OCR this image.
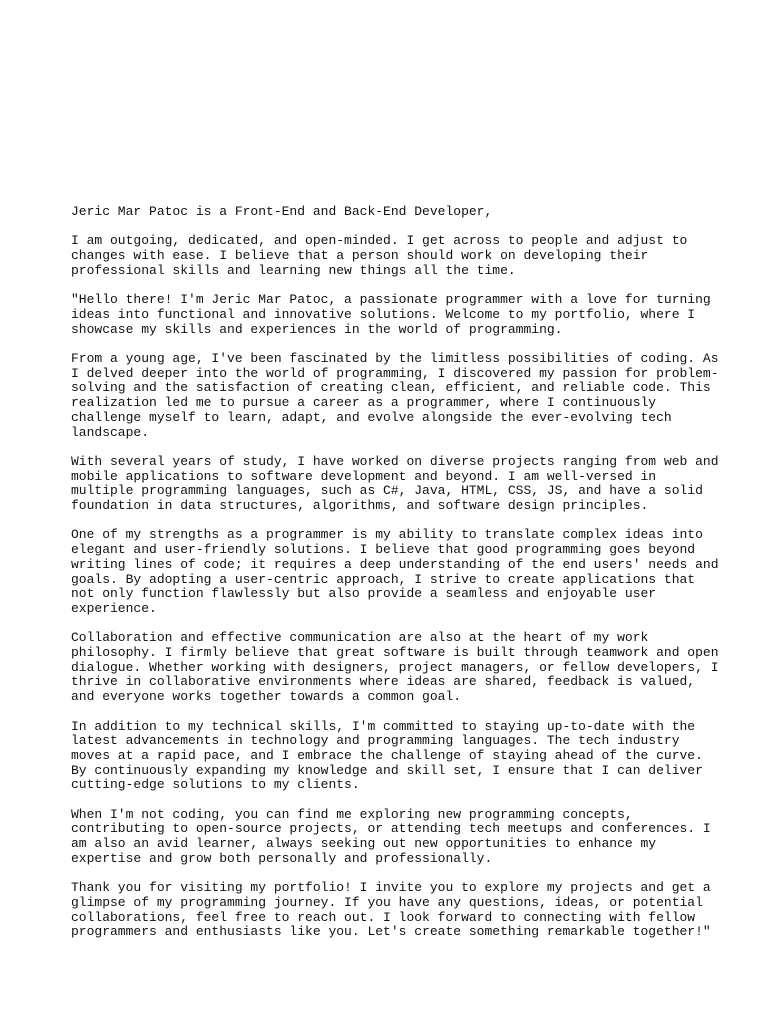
Jeric Mar Patoc is a Front-End and Back-End Developer,
I am outgoing, dedicated, and open-minded. I get across to people and adjust to
changes with ease. I believe that a person should work on developing their
professional skills and learning new things all the time.
"Hello there! I'm Jeric Mar Patoc, a passionate programmer with a love for turning
ideas into functional and innovative solutions. Welcome to my portfolio, where I
showcase my skills and experiences in the world of programming.
From a young age, I've been fascinated by the limitless possibilities of coding. As
I delved deeper into the world of programming, I discovered my passion for problem-
solving and the satisfaction of creating clean, efficient, and reliable code. This
realization led me to pursue a career as a programmer, where I continuously
challenge myself to learn, adapt, and evolve alongside the ever-evolving tech
landscape.
With several years of study, I have worked on diverse projects ranging from web and
mobile applications to software development and beyond. I am well-versed in
multiple programming languages, such as C#, Java, HTML, CSS, JS, and have a solid
foundation in data structures, algorithms, and software design principles.
One of my strengths as a programmer is my ability to translate complex ideas into
elegant and user-friendly solutions. I believe that good programming goes beyond
writing lines of code; it requires a deep understanding of the end users' needs and
goals. By adopting a user-centric approach, I strive to create applications that
not only function flawlessly but also provide a seamless and enjoyable user
experience.
Collaboration and effective communication are also at the heart of my work
philosophy. I firmly believe that great software is built through teamwork and open
dialogue. Whether working with designers, project managers, or fellow developers, I
thrive in collaborative environments where ideas are shared, feedback is valued,
and everyone works together towards a common goal.
In addition to my technical skills, I'm committed to staying up-to-date with the
latest advancements in technology and programming languages. The tech industry
moves at a rapid pace, and I embrace the challenge of staying ahead of the curve.
By continuously expanding my knowledge and skill set, I ensure that I can deliver
cutting-edge solutions to my clients.
When I'm not coding, you can find me exploring new programming concepts,
contributing to open-source projects, or attending tech meetups and conferences. I
am also an avid learner, always seeking out new opportunities to enhance my
expertise and grow both personally and professionally.
Thank you for visiting my portfolio! I invite you to explore my projects and get a
glimpse of my programming journey. If you have any questions, ideas, or potential
collaborations, feel free to reach out. I look forward to connecting with fellow
programmers and enthusiasts like you. Let's create something remarkable together!"
